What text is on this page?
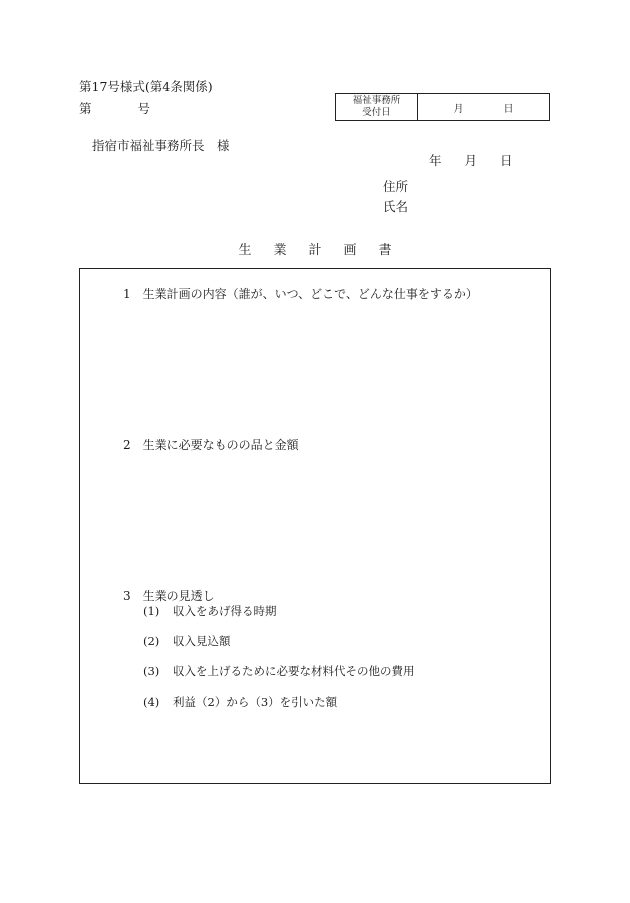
第17号様式(第4条関係)
第	号
福祉事務所
受付日	月	日
指宿市福祉事務所長　様
年 月 日
住所
氏名
生業計画書
1　生業計画の内容（誰が、いつ、どこで、どんな仕事をするか）
2　生業に必要なものの品と金額
3　生業の見透し
(1) 収入をあげ得る時期
(2) 収入見込額
(3) 収入を上げるために必要な材料代その他の費用
(4) 利益（2）から（3）を引いた額
